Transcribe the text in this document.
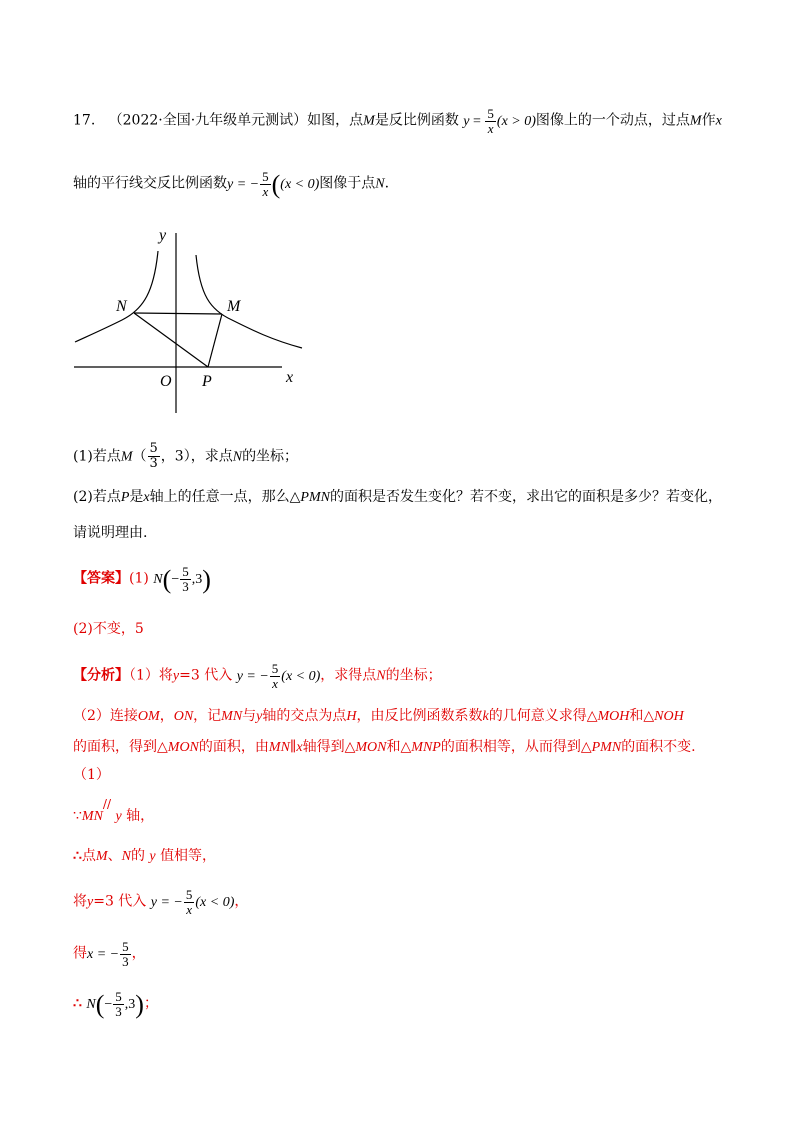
17. （2022·全国·九年级单元测试）如图，点M是反比例函数 $y = \frac{5}{x} (x > 0)$图像上的一个动点，过点M作x
轴的平行线交反比例函数y = − $\frac{5}{x} ((x < 0)$图像于点N.
y
x
O P
N	M
(1)若点$M( \frac{5}{3}$ ，3），求点N的坐标；
(2)若点P是x轴上的任意一点，那么△PMN的面积是否发生变化？若不变，求出它的面积是多少？若变化，
请说明理由.
【答案】(1) $N(- \frac{5}{3} ,3)$
(2)不变，5
【分析】（1）将y=3 代入 y = − $\frac{5}{x} (x < 0)$，求得点N的坐标；
（2）连接OM，ON，记MN与y轴的交点为点H，由反比例函数系数k的几何意义求得△MOH和△NOH
的面积，得到△MON的面积，由MN∥x轴得到△MON和△MNP的面积相等，从而得到△PMN的面积不变.
（1）
∵MN// y 轴，
∴点M、N的 y 值相等，
将y=3 代入 y = − $\frac{5}{x} (x < 0)$，
得x = − $\frac{5}{3}$ ，
∴ $N(- \frac{5}{3} ,3)$；
